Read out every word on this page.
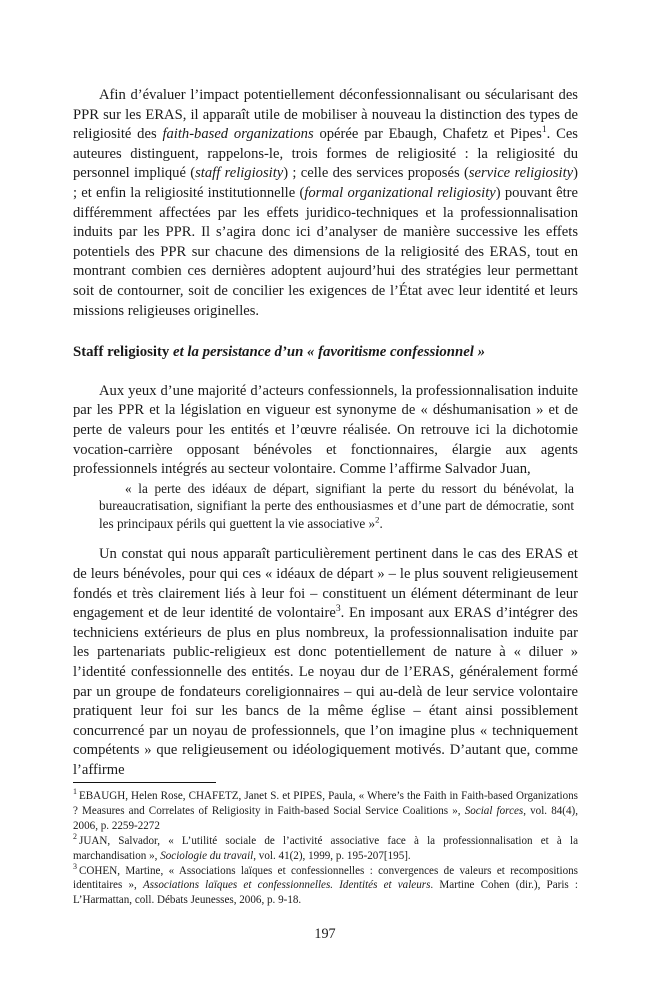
Afin d’évaluer l’impact potentiellement déconfessionnalisant ou sécularisant des PPR sur les ERAS, il apparaît utile de mobiliser à nouveau la distinction des types de religiosité des faith-based organizations opérée par Ebaugh, Chafetz et Pipes$^1$. Ces auteures distinguent, rappelons-le, trois formes de religiosité : la religiosité du personnel impliqué (staff religiosity) ; celle des services proposés (service religiosity) ; et enfin la religiosité institutionnelle (formal organizational religiosity) pouvant être différemment affectées par les effets juridico-techniques et la professionnalisation induits par les PPR. Il s’agira donc ici d’analyser de manière successive les effets potentiels des PPR sur chacune des dimensions de la religiosité des ERAS, tout en montrant combien ces dernières adoptent aujourd’hui des stratégies leur permettant soit de contourner, soit de concilier les exigences de l’État avec leur identité et leurs missions religieuses originelles.

Staff religiosity et la persistance d’un « favoritisme confessionnel »

Aux yeux d’une majorité d’acteurs confessionnels, la professionnalisation induite par les PPR et la législation en vigueur est synonyme de « déshumanisation » et de perte de valeurs pour les entités et l’œuvre réalisée. On retrouve ici la dichotomie vocation-carrière opposant bénévoles et fonctionnaires, élargie aux agents professionnels intégrés au secteur volontaire. Comme l’affirme Salvador Juan,

« la perte des idéaux de départ, signifiant la perte du ressort du bénévolat, la bureaucratisation, signifiant la perte des enthousiasmes et d’une part de démocratie, sont les principaux périls qui guettent la vie associative »$^2$.

Un constat qui nous apparaît particulièrement pertinent dans le cas des ERAS et de leurs bénévoles, pour qui ces « idéaux de départ » – le plus souvent religieusement fondés et très clairement liés à leur foi – constituent un élément déterminant de leur engagement et de leur identité de volontaire$^3$. En imposant aux ERAS d’intégrer des techniciens extérieurs de plus en plus nombreux, la professionnalisation induite par les partenariats public-religieux est donc potentiellement de nature à « diluer » l’identité confessionnelle des entités. Le noyau dur de l’ERAS, généralement formé par un groupe de fondateurs coreligionnaires – qui au-delà de leur service volontaire pratiquent leur foi sur les bancs de la même église – étant ainsi possiblement concurrencé par un noyau de professionnels, que l’on imagine plus « techniquement compétents » que religieusement ou idéologiquement motivés. D’autant que, comme l’affirme

$^1$ EBAUGH, Helen Rose, CHAFETZ, Janet S. et PIPES, Paula, « Where’s the Faith in Faith-based Organizations ? Measures and Correlates of Religiosity in Faith-based Social Service Coalitions », Social forces, vol. 84(4), 2006, p. 2259-2272

$^2$ JUAN, Salvador, « L’utilité sociale de l’activité associative face à la professionnalisation et à la marchandisation », Sociologie du travail, vol. 41(2), 1999, p. 195-207[195].

$^3$ COHEN, Martine, « Associations laïques et confessionnelles : convergences de valeurs et recompositions identitaires », Associations laïques et confessionnelles. Identités et valeurs. Martine Cohen (dir.), Paris : L’Harmattan, coll. Débats Jeunesses, 2006, p. 9-18.

197
